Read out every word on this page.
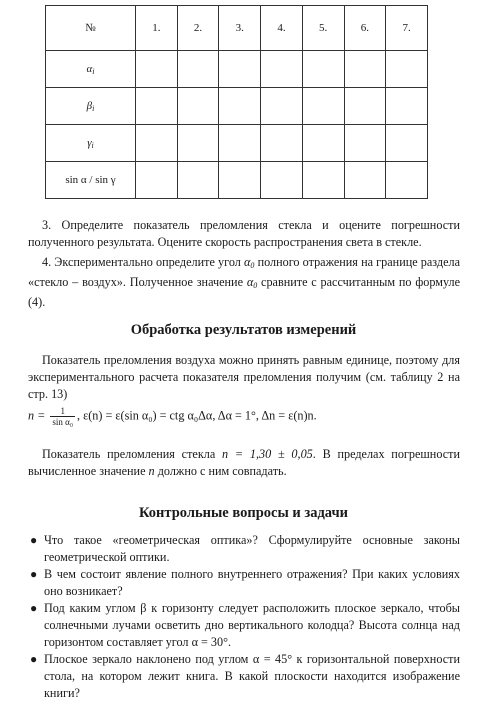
№	1.	2.	3.	4.	5.	6.	7.
$\alpha_i$							
$\beta_i$							
$\gamma_i$							
sin α / sin γ							

3. Определите показатель преломления стекла и оцените погрешности полученного результата. Оцените скорость распространения света в стекле.

4. Экспериментально определите угол $\alpha_0$ полного отражения на границе раздела «стекло – воздух». Полученное значение $\alpha_0$ сравните с рассчитанным по формуле (4).

Обработка результатов измерений

Показатель преломления воздуха можно принять равным единице, поэтому для экспериментального расчета показателя преломления получим (см. таблицу 2 на стр. 13)

$n = \frac{1}{\text{sin α₀}}$ , ε(n) = ε(sin α₀) = ctg α₀Δα, Δα = 1°, Δn = ε(n)n.

Показатель преломления стекла n = 1,30 ± 0,05. В пределах погрешности вычисленное значение n должно с ним совпадать.

Контрольные вопросы и задачи
● Что такое «геометрическая оптика»? Сформулируйте основные законы геометрической оптики.
● В чем состоит явление полного внутреннего отражения? При каких условиях оно возникает?
● Под каким углом β к горизонту следует расположить плоское зеркало, чтобы солнечными лучами осветить дно вертикального колодца? Высота солнца над горизонтом составляет угол α = 30°.
● Плоское зеркало наклонено под углом α = 45° к горизонтальной поверхности стола, на котором лежит книга. В какой плоскости находится изображение книги?
